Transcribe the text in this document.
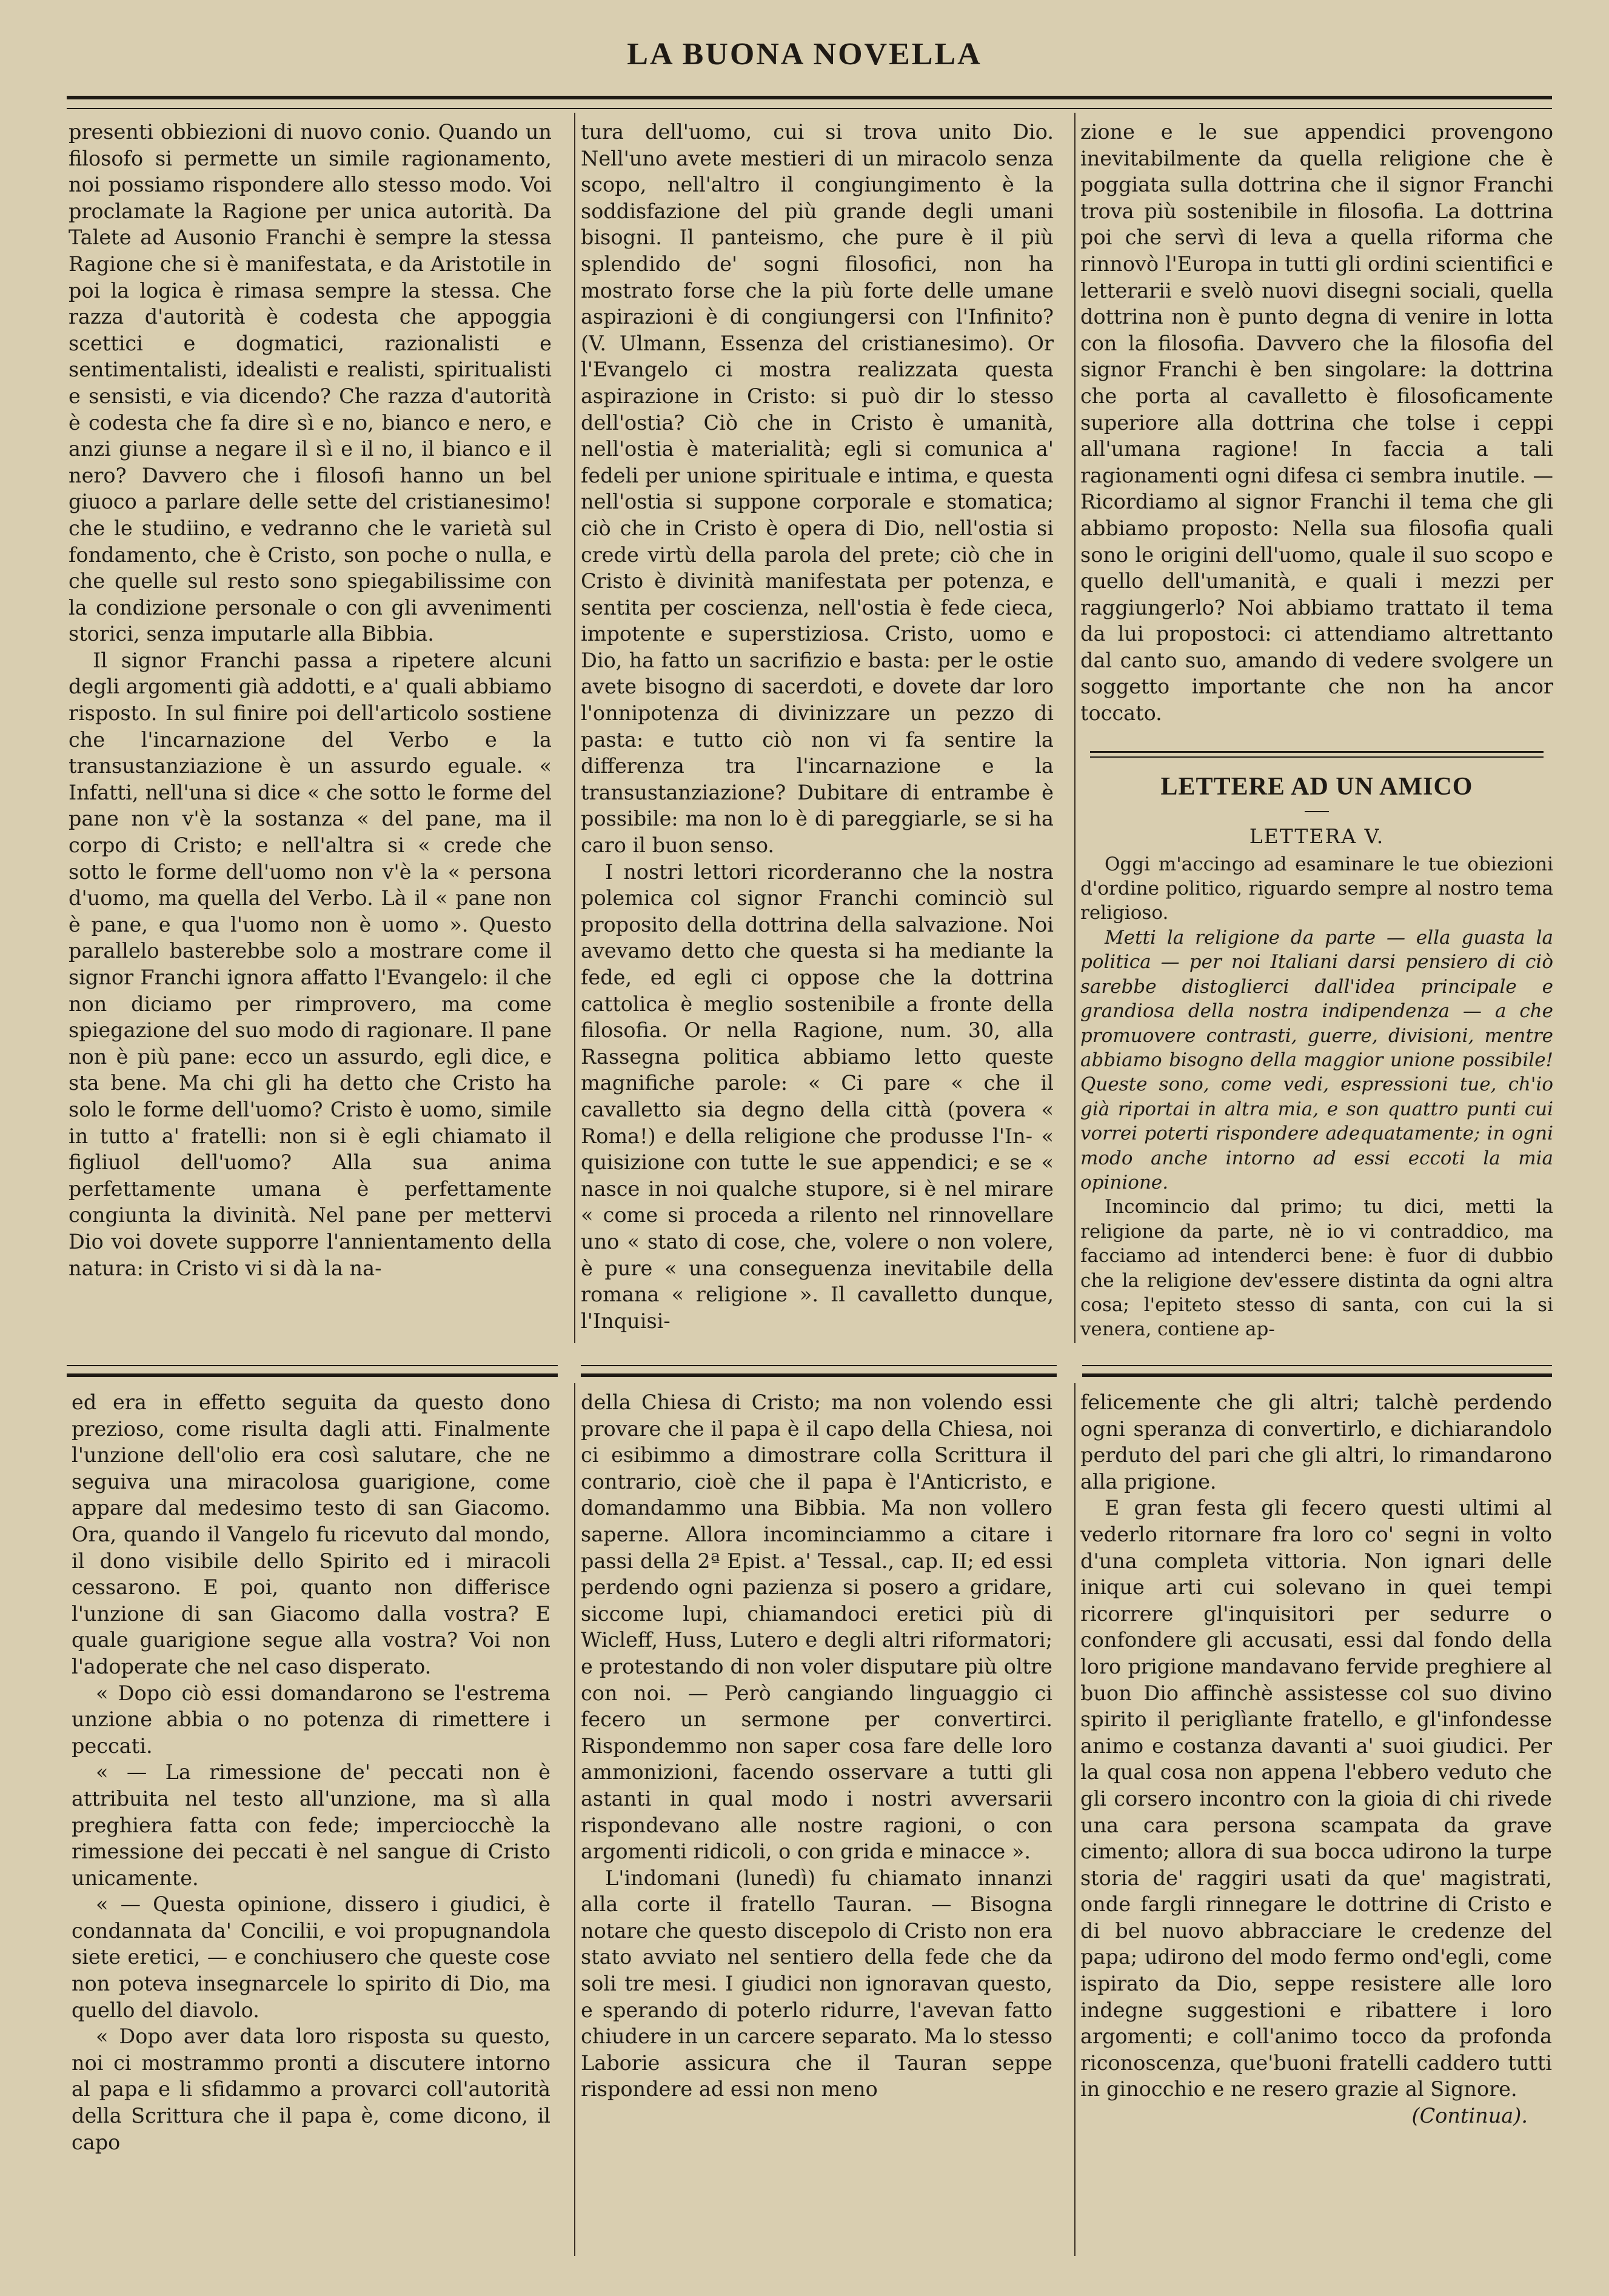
LA BUONA NOVELLA

presenti obbiezioni di nuovo conio. Quando un filosofo si permette un simile ragionamento, noi possiamo rispondere allo stesso modo. Voi proclamate la Ragione per unica autorità. Da Talete ad Ausonio Franchi è sempre la stessa Ragione che si è manifestata, e da Aristotile in poi la logica è rimasa sempre la stessa. Che razza d'autorità è codesta che appoggia scettici e dogmatici, razionalisti e sentimentalisti, idealisti e realisti, spiritualisti e sensisti, e via dicendo? Che razza d'autorità è codesta che fa dire sì e no, bianco e nero, e anzi giunse a negare il sì e il no, il bianco e il nero? Davvero che i filosofi hanno un bel giuoco a parlare delle sette del cristianesimo! che le studiino, e vedranno che le varietà sul fondamento, che è Cristo, son poche o nulla, e che quelle sul resto sono spiegabilissime con la condizione personale o con gli avvenimenti storici, senza imputarle alla Bibbia.

Il signor Franchi passa a ripetere alcuni degli argomenti già addotti, e a' quali abbiamo risposto. In sul finire poi dell'articolo sostiene che l'incarnazione del Verbo e la transustanziazione è un assurdo eguale. « Infatti, nell'una si dice « che sotto le forme del pane non v'è la sostanza « del pane, ma il corpo di Cristo; e nell'altra si « crede che sotto le forme dell'uomo non v'è la « persona d'uomo, ma quella del Verbo. Là il « pane non è pane, e qua l'uomo non è uomo ». Questo parallelo basterebbe solo a mostrare come il signor Franchi ignora affatto l'Evangelo: il che non diciamo per rimprovero, ma come spiegazione del suo modo di ragionare. Il pane non è più pane: ecco un assurdo, egli dice, e sta bene. Ma chi gli ha detto che Cristo ha solo le forme dell'uomo? Cristo è uomo, simile in tutto a' fratelli: non si è egli chiamato il figliuol dell'uomo? Alla sua anima perfettamente umana è perfettamente congiunta la divinità. Nel pane per mettervi Dio voi dovete supporre l'annientamento della natura: in Cristo vi si dà la na-

tura dell'uomo, cui si trova unito Dio. Nell'uno avete mestieri di un miracolo senza scopo, nell'altro il congiungimento è la soddisfazione del più grande degli umani bisogni. Il panteismo, che pure è il più splendido de' sogni filosofici, non ha mostrato forse che la più forte delle umane aspirazioni è di congiungersi con l'Infinito? (V. Ulmann, Essenza del cristianesimo). Or l'Evangelo ci mostra realizzata questa aspirazione in Cristo: si può dir lo stesso dell'ostia? Ciò che in Cristo è umanità, nell'ostia è materialità; egli si comunica a' fedeli per unione spirituale e intima, e questa nell'ostia si suppone corporale e stomatica; ciò che in Cristo è opera di Dio, nell'ostia si crede virtù della parola del prete; ciò che in Cristo è divinità manifestata per potenza, e sentita per coscienza, nell'ostia è fede cieca, impotente e superstiziosa. Cristo, uomo e Dio, ha fatto un sacrifizio e basta: per le ostie avete bisogno di sacerdoti, e dovete dar loro l'onnipotenza di divinizzare un pezzo di pasta: e tutto ciò non vi fa sentire la differenza tra l'incarnazione e la transustanziazione? Dubitare di entrambe è possibile: ma non lo è di pareggiarle, se si ha caro il buon senso.

I nostri lettori ricorderanno che la nostra polemica col signor Franchi cominciò sul proposito della dottrina della salvazione. Noi avevamo detto che questa si ha mediante la fede, ed egli ci oppose che la dottrina cattolica è meglio sostenibile a fronte della filosofia. Or nella Ragione, num. 30, alla Rassegna politica abbiamo letto queste magnifiche parole: « Ci pare « che il cavalletto sia degno della città (povera « Roma!) e della religione che produsse l'In- « quisizione con tutte le sue appendici; e se « nasce in noi qualche stupore, si è nel mirare « come si proceda a rilento nel rinnovellare uno « stato di cose, che, volere o non volere, è pure « una conseguenza inevitabile della romana « religione ». Il cavalletto dunque, l'Inquisi-

zione e le sue appendici provengono inevitabilmente da quella religione che è poggiata sulla dottrina che il signor Franchi trova più sostenibile in filosofia. La dottrina poi che servì di leva a quella riforma che rinnovò l'Europa in tutti gli ordini scientifici e letterarii e svelò nuovi disegni sociali, quella dottrina non è punto degna di venire in lotta con la filosofia. Davvero che la filosofia del signor Franchi è ben singolare: la dottrina che porta al cavalletto è filosoficamente superiore alla dottrina che tolse i ceppi all'umana ragione! In faccia a tali ragionamenti ogni difesa ci sembra inutile. — Ricordiamo al signor Franchi il tema che gli abbiamo proposto: Nella sua filosofia quali sono le origini dell'uomo, quale il suo scopo e quello dell'umanità, e quali i mezzi per raggiungerlo? Noi abbiamo trattato il tema da lui propostoci: ci attendiamo altrettanto dal canto suo, amando di vedere svolgere un soggetto importante che non ha ancor toccato.

LETTERE AD UN AMICO
LETTERA V.

Oggi m'accingo ad esaminare le tue obiezioni d'ordine politico, riguardo sempre al nostro tema religioso.

Metti la religione da parte — ella guasta la politica — per noi Italiani darsi pensiero di ciò sarebbe distoglierci dall'idea principale e grandiosa della nostra indipendenza — a che promuovere contrasti, guerre, divisioni, mentre abbiamo bisogno della maggior unione possibile! Queste sono, come vedi, espressioni tue, ch'io già riportai in altra mia, e son quattro punti cui vorrei poterti rispondere adequatamente; in ogni modo anche intorno ad essi eccoti la mia opinione.

Incomincio dal primo; tu dici, metti la religione da parte, nè io vi contraddico, ma facciamo ad intenderci bene: è fuor di dubbio che la religione dev'essere distinta da ogni altra cosa; l'epiteto stesso di santa, con cui la si venera, contiene ap-

ed era in effetto seguita da questo dono prezioso, come risulta dagli atti. Finalmente l'unzione dell'olio era così salutare, che ne seguiva una miracolosa guarigione, come appare dal medesimo testo di san Giacomo. Ora, quando il Vangelo fu ricevuto dal mondo, il dono visibile dello Spirito ed i miracoli cessarono. E poi, quanto non differisce l'unzione di san Giacomo dalla vostra? E quale guarigione segue alla vostra? Voi non l'adoperate che nel caso disperato.

« Dopo ciò essi domandarono se l'estrema unzione abbia o no potenza di rimettere i peccati.

« — La rimessione de' peccati non è attribuita nel testo all'unzione, ma sì alla preghiera fatta con fede; imperciocchè la rimessione dei peccati è nel sangue di Cristo unicamente.

« — Questa opinione, dissero i giudici, è condannata da' Concilii, e voi propugnandola siete eretici, — e conchiusero che queste cose non poteva insegnarcele lo spirito di Dio, ma quello del diavolo.

« Dopo aver data loro risposta su questo, noi ci mostrammo pronti a discutere intorno al papa e li sfidammo a provarci coll'autorità della Scrittura che il papa è, come dicono, il capo

della Chiesa di Cristo; ma non volendo essi provare che il papa è il capo della Chiesa, noi ci esibimmo a dimostrare colla Scrittura il contrario, cioè che il papa è l'Anticristo, e domandammo una Bibbia. Ma non vollero saperne. Allora incominciammo a citare i passi della 2ª Epist. a' Tessal., cap. II; ed essi perdendo ogni pazienza si posero a gridare, siccome lupi, chiamandoci eretici più di Wicleff, Huss, Lutero e degli altri riformatori; e protestando di non voler disputare più oltre con noi. — Però cangiando linguaggio ci fecero un sermone per convertirci. Rispondemmo non saper cosa fare delle loro ammonizioni, facendo osservare a tutti gli astanti in qual modo i nostri avversarii rispondevano alle nostre ragioni, o con argomenti ridicoli, o con grida e minacce ».

L'indomani (lunedì) fu chiamato innanzi alla corte il fratello Tauran. — Bisogna notare che questo discepolo di Cristo non era stato avviato nel sentiero della fede che da soli tre mesi. I giudici non ignoravan questo, e sperando di poterlo ridurre, l'avevan fatto chiudere in un carcere separato. Ma lo stesso Laborie assicura che il Tauran seppe rispondere ad essi non meno

felicemente che gli altri; talchè perdendo ogni speranza di convertirlo, e dichiarandolo perduto del pari che gli altri, lo rimandarono alla prigione.

E gran festa gli fecero questi ultimi al vederlo ritornare fra loro co' segni in volto d'una completa vittoria. Non ignari delle inique arti cui solevano in quei tempi ricorrere gl'inquisitori per sedurre o confondere gli accusati, essi dal fondo della loro prigione mandavano fervide preghiere al buon Dio affinchè assistesse col suo divino spirito il periglìante fratello, e gl'infondesse animo e costanza davanti a' suoi giudici. Per la qual cosa non appena l'ebbero veduto che gli corsero incontro con la gioia di chi rivede una cara persona scampata da grave cimento; allora di sua bocca udirono la turpe storia de' raggiri usati da que' magistrati, onde fargli rinnegare le dottrine di Cristo e di bel nuovo abbracciare le credenze del papa; udirono del modo fermo ond'egli, come ispirato da Dio, seppe resistere alle loro indegne suggestioni e ribattere i loro argomenti; e coll'animo tocco da profonda riconoscenza, que'buoni fratelli caddero tutti in ginocchio e ne resero grazie al Signore.

(Continua).
